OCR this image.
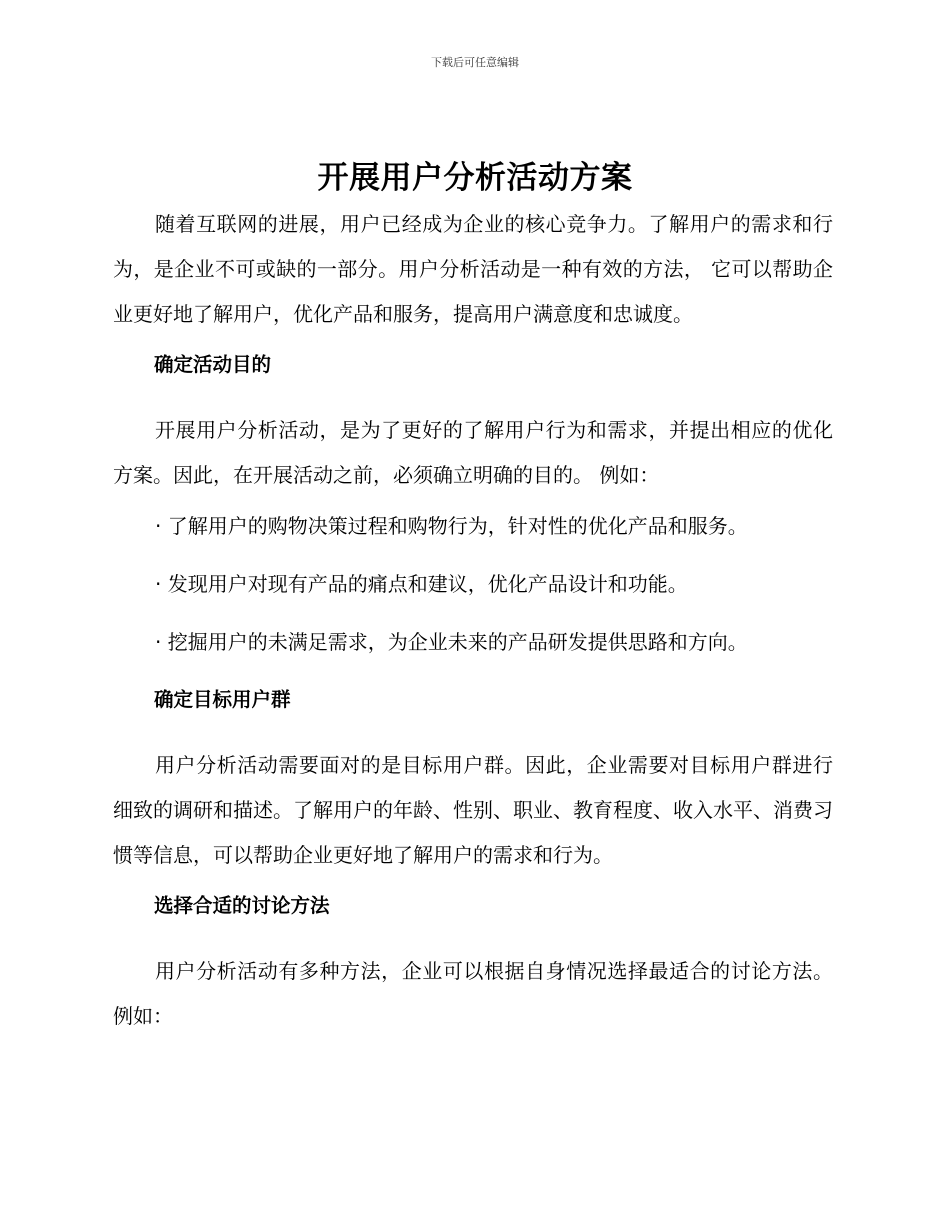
下载后可任意编辑
开展用户分析活动方案

随着互联网的进展，用户已经成为企业的核心竞争力。了解用户的需求和行为，是企业不可或缺的一部分。用户分析活动是一种有效的方法， 它可以帮助企业更好地了解用户，优化产品和服务，提高用户满意度和忠诚度。

确定活动目的

开展用户分析活动，是为了更好的了解用户行为和需求，并提出相应的优化方案。因此，在开展活动之前，必须确立明确的目的。 例如：

· 了解用户的购物决策过程和购物行为，针对性的优化产品和服务。
· 发现用户对现有产品的痛点和建议，优化产品设计和功能。
· 挖掘用户的未满足需求，为企业未来的产品研发提供思路和方向。
确定目标用户群

用户分析活动需要面对的是目标用户群。因此，企业需要对目标用户群进行细致的调研和描述。了解用户的年龄、性别、职业、教育程度、收入水平、消费习惯等信息，可以帮助企业更好地了解用户的需求和行为。

选择合适的讨论方法

用户分析活动有多种方法，企业可以根据自身情况选择最适合的讨论方法。例如：
